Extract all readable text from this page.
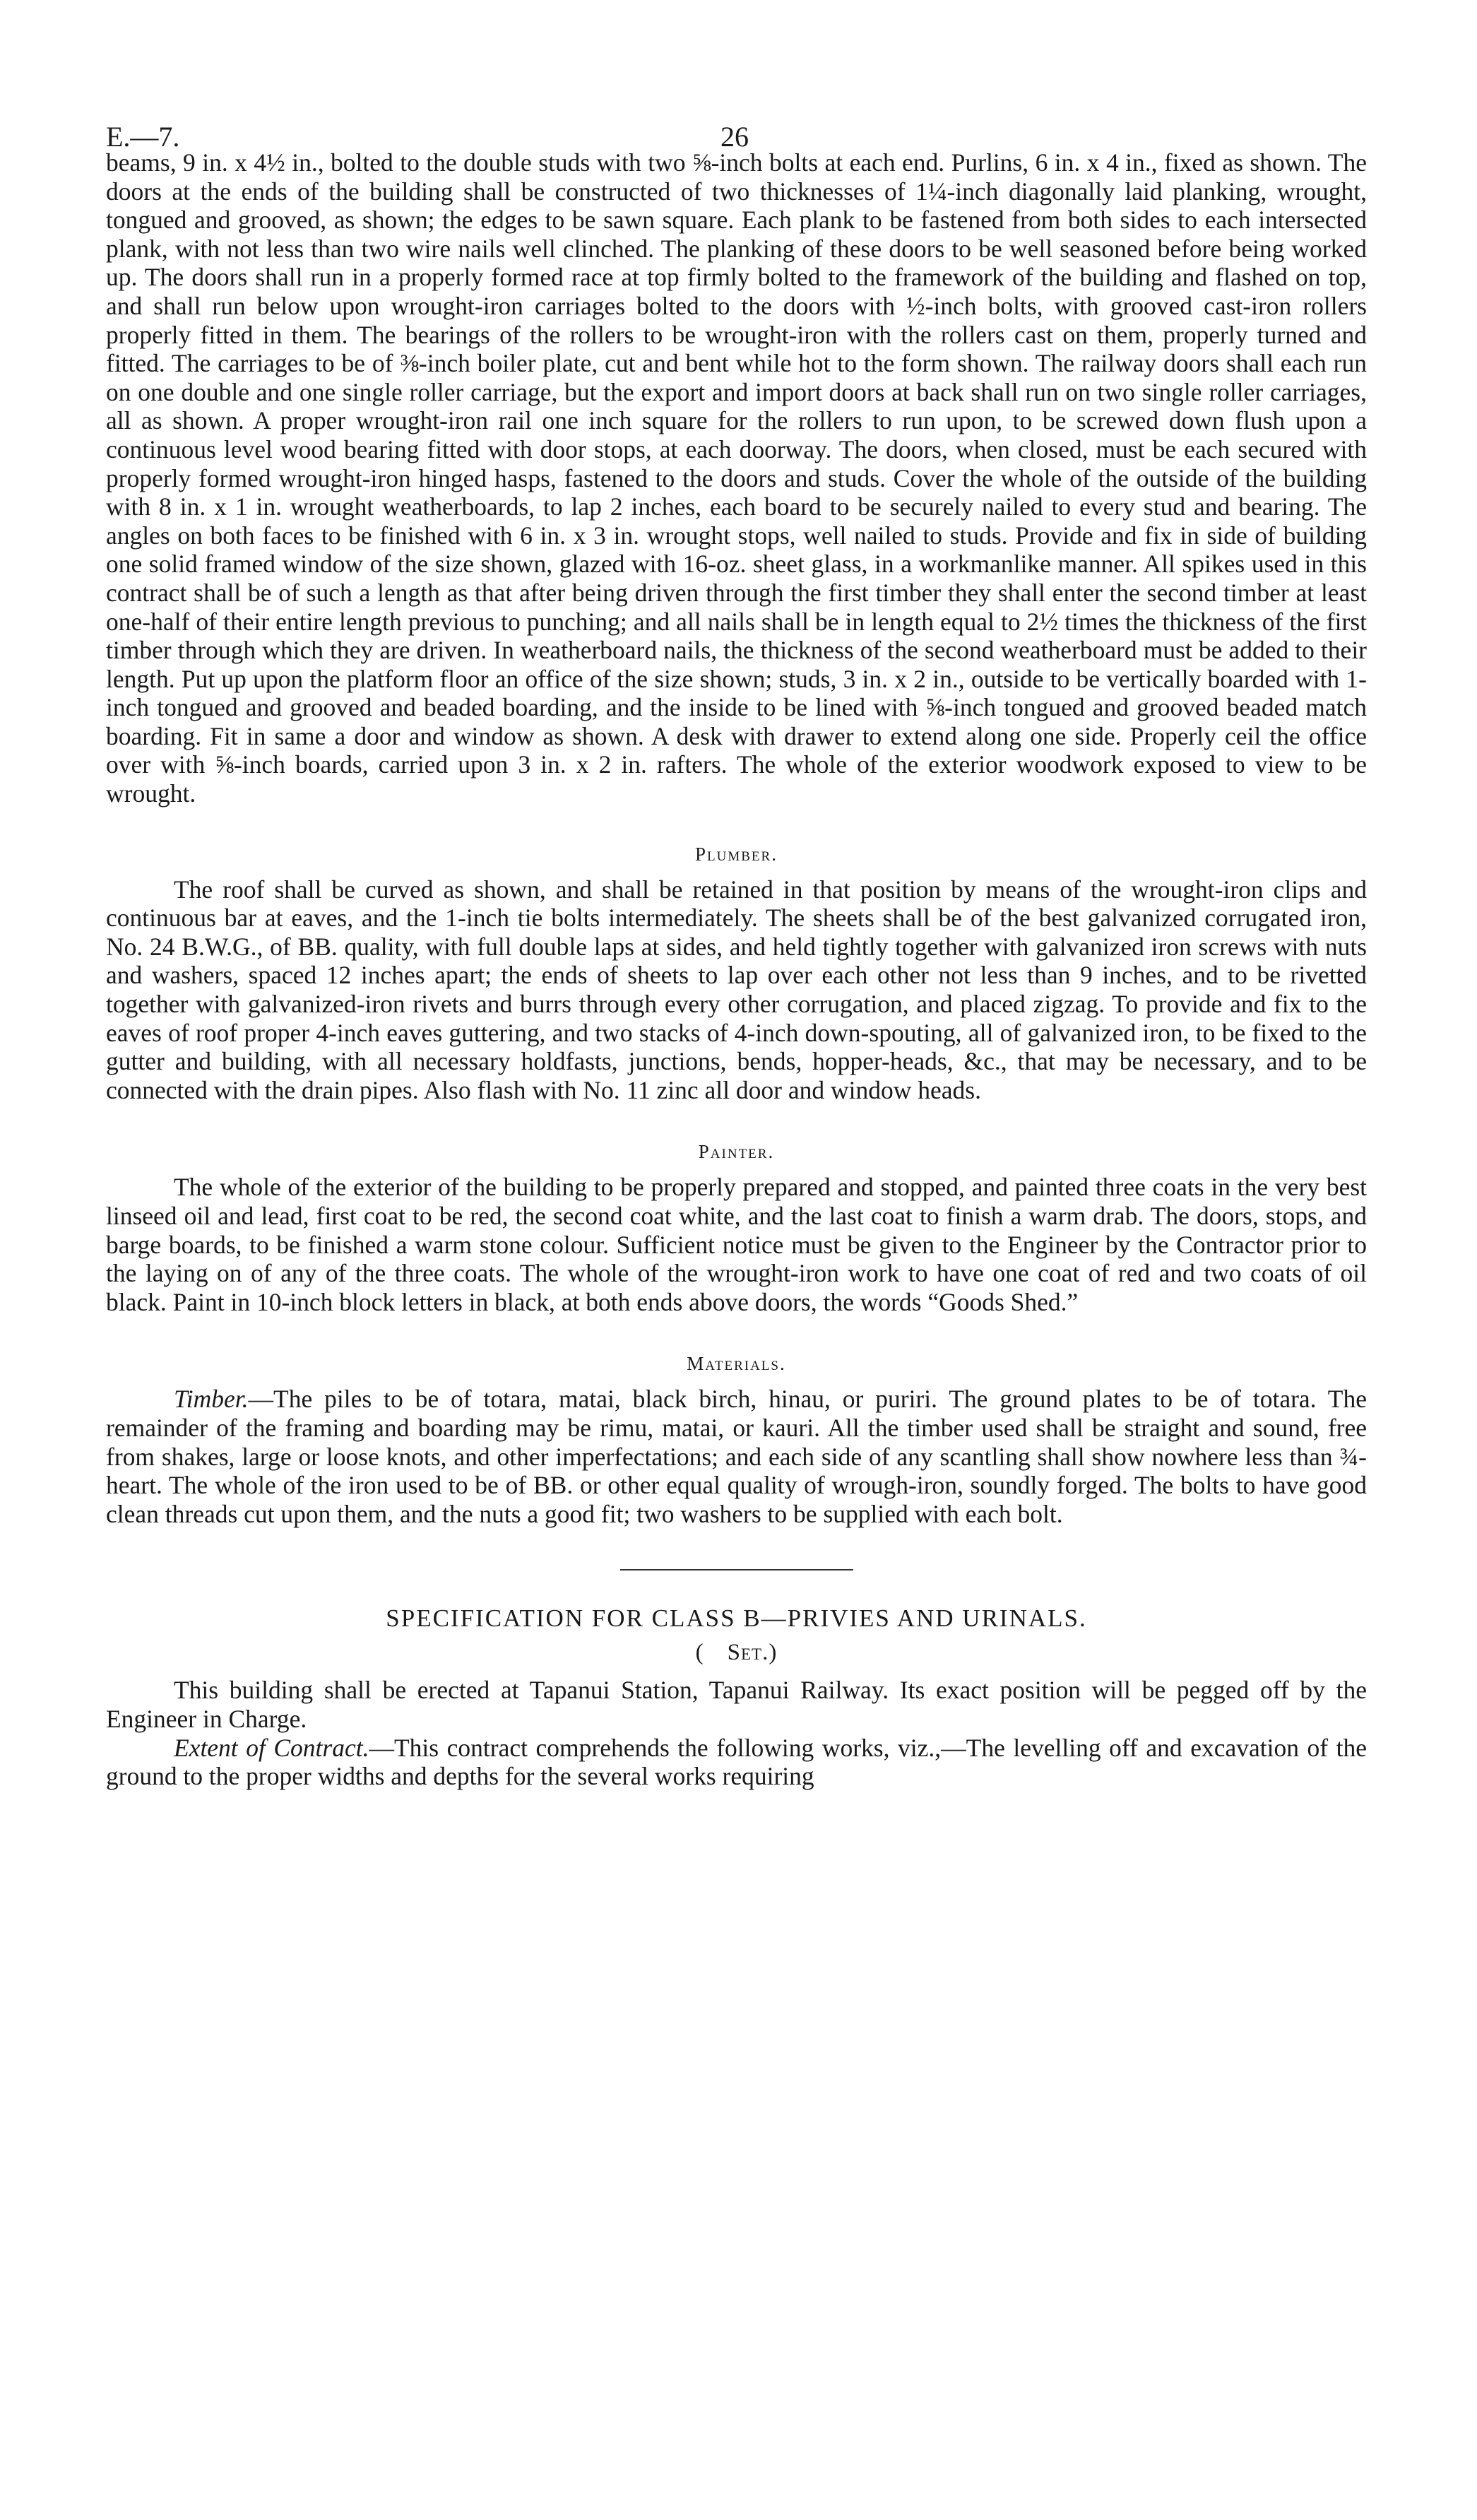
E.—7.	26

beams, 9 in. x 4½ in., bolted to the double studs with two ⅝-inch bolts at each end. Purlins, 6 in. x 4 in., fixed as shown. The doors at the ends of the building shall be constructed of two thicknesses of 1¼-inch diagonally laid planking, wrought, tongued and grooved, as shown; the edges to be sawn square. Each plank to be fastened from both sides to each intersected plank, with not less than two wire nails well clinched. The planking of these doors to be well seasoned before being worked up. The doors shall run in a properly formed race at top firmly bolted to the framework of the building and flashed on top, and shall run below upon wrought-iron carriages bolted to the doors with ½-inch bolts, with grooved cast-iron rollers properly fitted in them. The bearings of the rollers to be wrought-iron with the rollers cast on them, properly turned and fitted. The carriages to be of ⅜-inch boiler plate, cut and bent while hot to the form shown. The railway doors shall each run on one double and one single roller carriage, but the export and import doors at back shall run on two single roller carriages, all as shown. A proper wrought-iron rail one inch square for the rollers to run upon, to be screwed down flush upon a continuous level wood bearing fitted with door stops, at each doorway. The doors, when closed, must be each secured with properly formed wrought-iron hinged hasps, fastened to the doors and studs. Cover the whole of the outside of the building with 8 in. x 1 in. wrought weatherboards, to lap 2 inches, each board to be securely nailed to every stud and bearing. The angles on both faces to be finished with 6 in. x 3 in. wrought stops, well nailed to studs. Provide and fix in side of building one solid framed window of the size shown, glazed with 16-oz. sheet glass, in a workmanlike manner. All spikes used in this contract shall be of such a length as that after being driven through the first timber they shall enter the second timber at least one-half of their entire length previous to punching; and all nails shall be in length equal to 2½ times the thickness of the first timber through which they are driven. In weatherboard nails, the thickness of the second weatherboard must be added to their length. Put up upon the platform floor an office of the size shown; studs, 3 in. x 2 in., outside to be vertically boarded with 1-inch tongued and grooved and beaded boarding, and the inside to be lined with ⅝-inch tongued and grooved beaded match boarding. Fit in same a door and window as shown. A desk with drawer to extend along one side. Properly ceil the office over with ⅝-inch boards, carried upon 3 in. x 2 in. rafters. The whole of the exterior woodwork exposed to view to be wrought.

Plumber.

The roof shall be curved as shown, and shall be retained in that position by means of the wrought-iron clips and continuous bar at eaves, and the 1-inch tie bolts intermediately. The sheets shall be of the best galvanized corrugated iron, No. 24 B.W.G., of BB. quality, with full double laps at sides, and held tightly together with galvanized iron screws with nuts and washers, spaced 12 inches apart; the ends of sheets to lap over each other not less than 9 inches, and to be rivetted together with galvanized-iron rivets and burrs through every other corrugation, and placed zigzag. To provide and fix to the eaves of roof proper 4-inch eaves guttering, and two stacks of 4-inch down-spouting, all of galvanized iron, to be fixed to the gutter and building, with all necessary holdfasts, junctions, bends, hopper-heads, &c., that may be necessary, and to be connected with the drain pipes. Also flash with No. 11 zinc all door and window heads.

Painter.

The whole of the exterior of the building to be properly prepared and stopped, and painted three coats in the very best linseed oil and lead, first coat to be red, the second coat white, and the last coat to finish a warm drab. The doors, stops, and barge boards, to be finished a warm stone colour. Sufficient notice must be given to the Engineer by the Contractor prior to the laying on of any of the three coats. The whole of the wrought-iron work to have one coat of red and two coats of oil black. Paint in 10-inch block letters in black, at both ends above doors, the words “Goods Shed.”

Materials.

Timber.—The piles to be of totara, matai, black birch, hinau, or puriri. The ground plates to be of totara. The remainder of the framing and boarding may be rimu, matai, or kauri. All the timber used shall be straight and sound, free from shakes, large or loose knots, and other imperfectations; and each side of any scantling shall show nowhere less than ¾-heart. The whole of the iron used to be of BB. or other equal quality of wrough-iron, soundly forged. The bolts to have good clean threads cut upon them, and the nuts a good fit; two washers to be supplied with each bolt.

SPECIFICATION FOR CLASS B—PRIVIES AND URINALS.
( Set.)

This building shall be erected at Tapanui Station, Tapanui Railway. Its exact position will be pegged off by the Engineer in Charge.

Extent of Contract.—This contract comprehends the following works, viz.,—The levelling off and excavation of the ground to the proper widths and depths for the several works requiring
